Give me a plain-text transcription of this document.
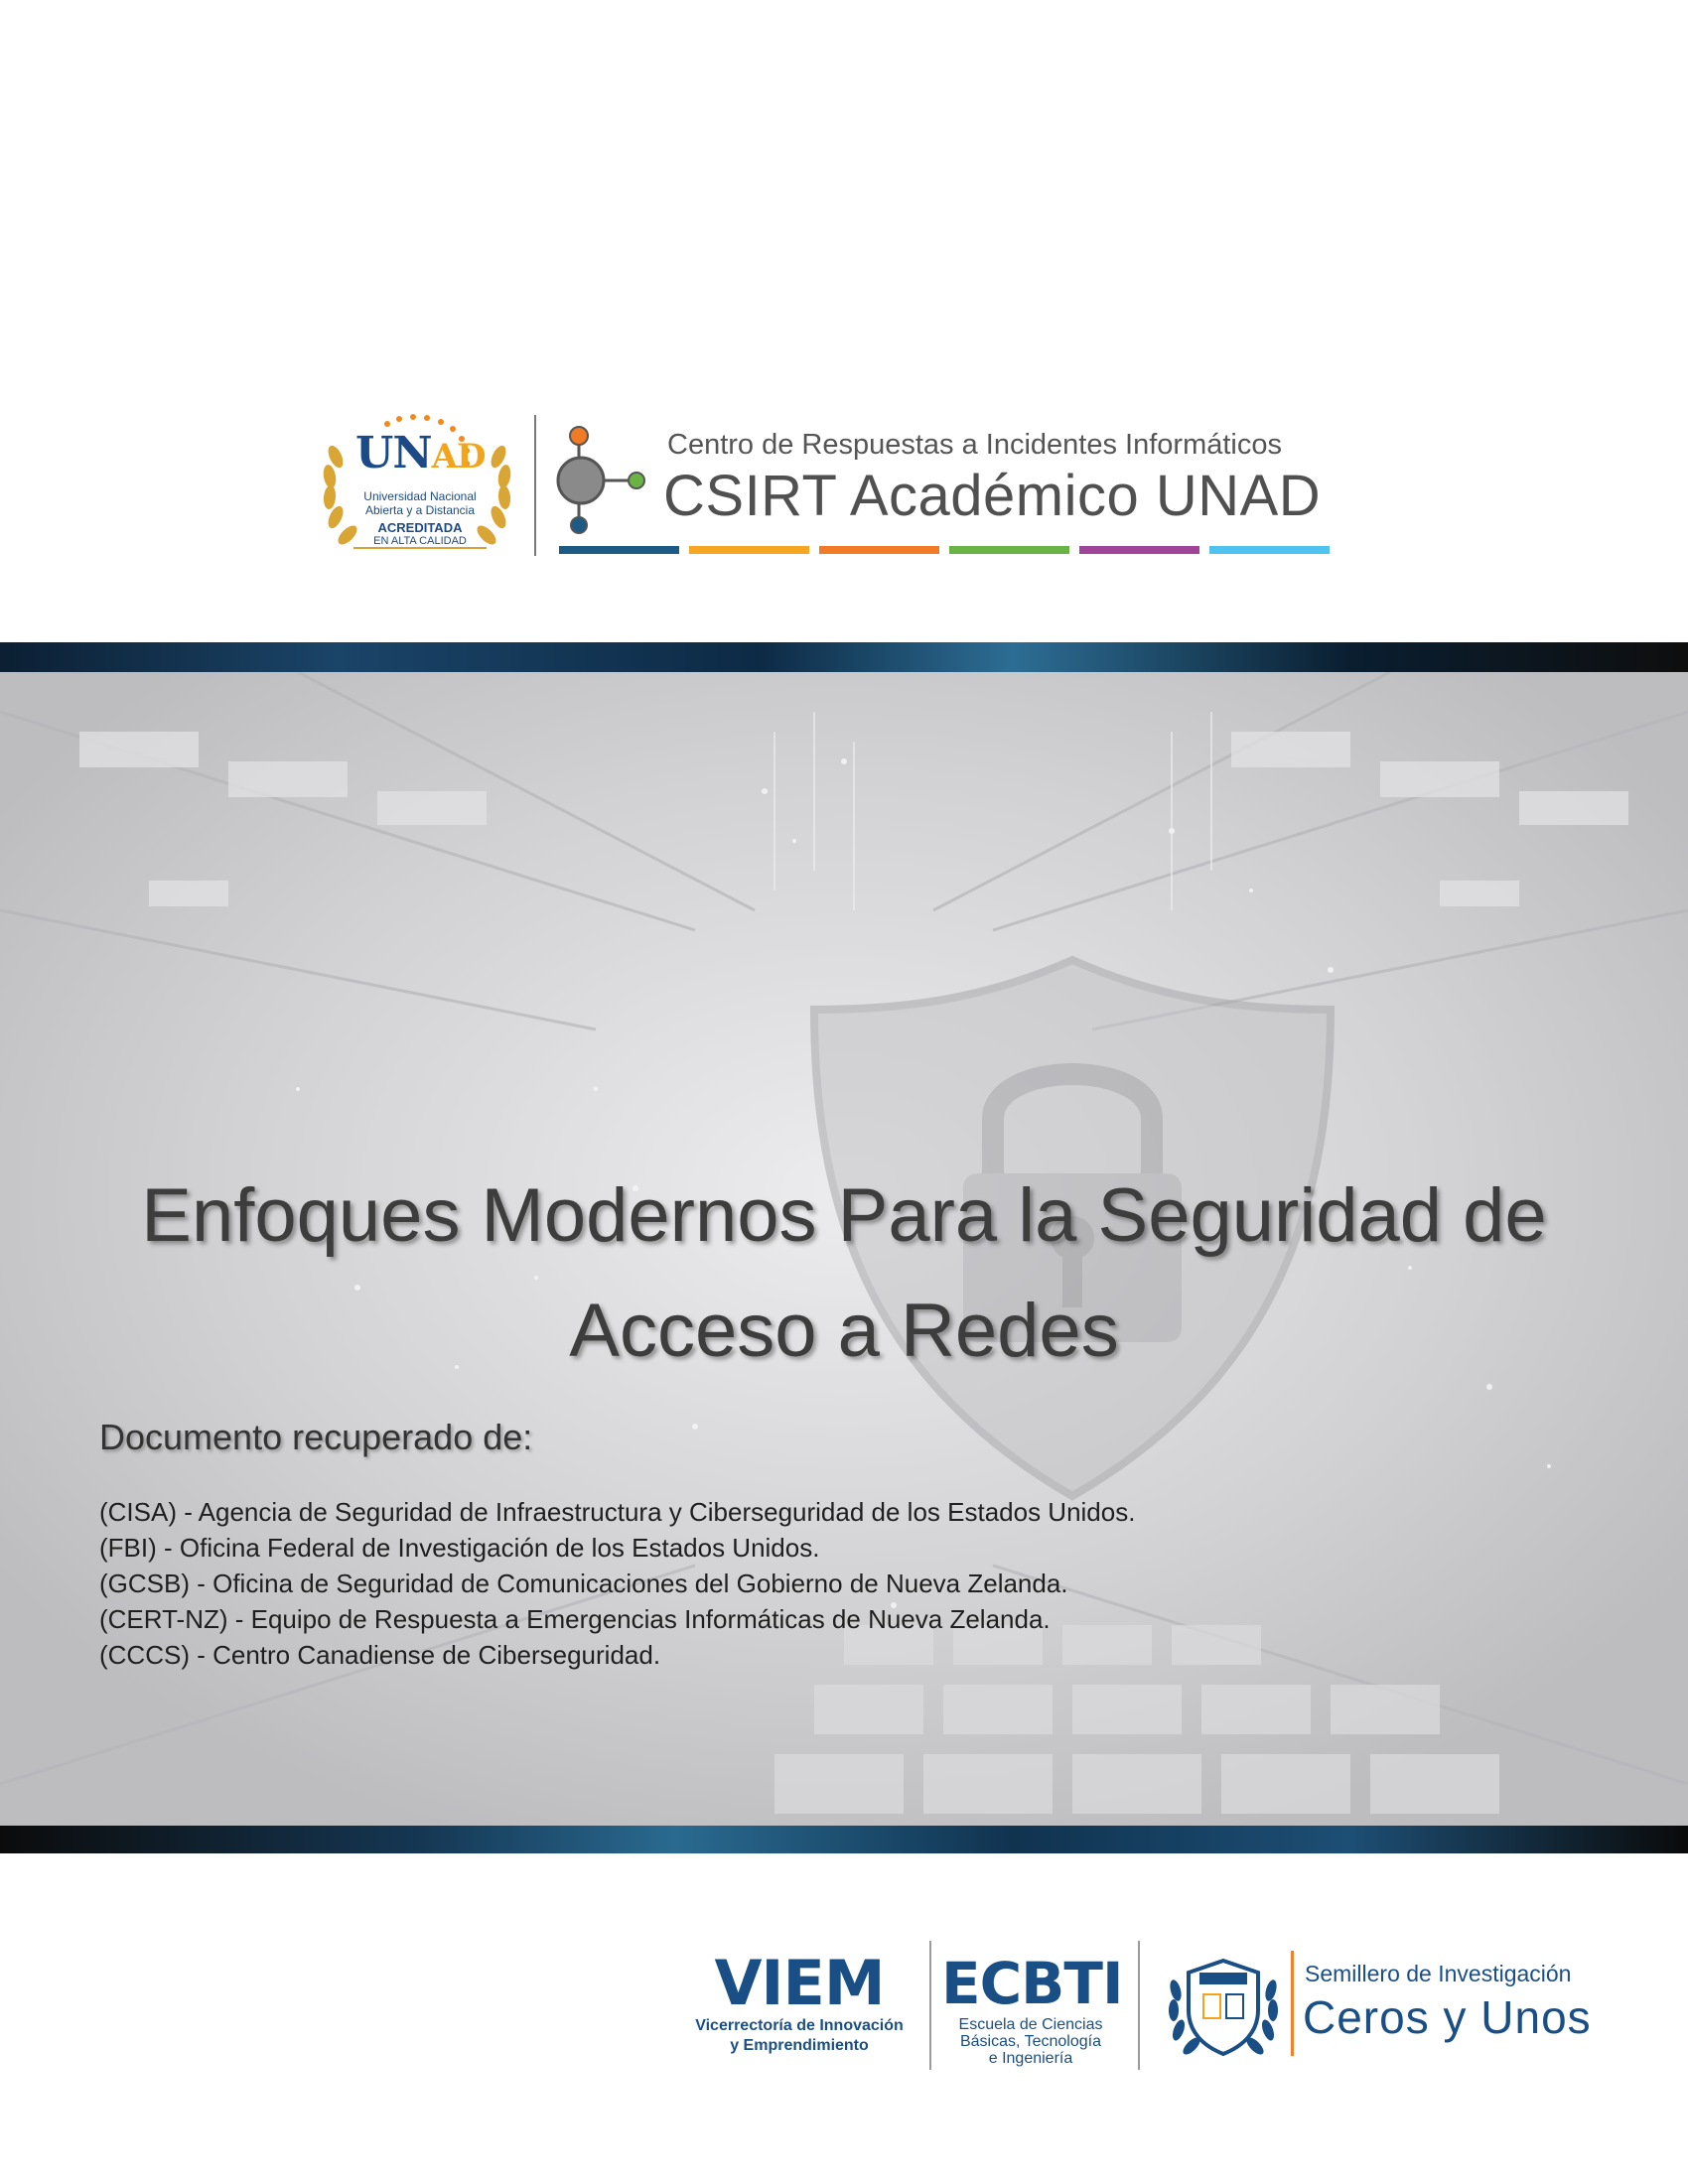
UNAD
Universidad Nacional
Abierta y a Distancia
ACREDITADA
EN ALTA CALIDAD
Centro de Respuestas a Incidentes Informáticos
CSIRT Académico UNAD
Enfoques Modernos Para la Seguridad de
Acceso a Redes
Documento recuperado de:
(CISA) - Agencia de Seguridad de Infraestructura y Ciberseguridad de los Estados Unidos.
(FBI) - Oficina Federal de Investigación de los Estados Unidos.
(GCSB) - Oficina de Seguridad de Comunicaciones del Gobierno de Nueva Zelanda.
(CERT-NZ) - Equipo de Respuesta a Emergencias Informáticas de Nueva Zelanda.
(CCCS) - Centro Canadiense de Ciberseguridad.
VIEM
Vicerrectoría de Innovación
y Emprendimiento
ECBTI
Escuela de Ciencias
Básicas, Tecnología
e Ingeniería
Semillero de Investigación
Ceros y Unos
